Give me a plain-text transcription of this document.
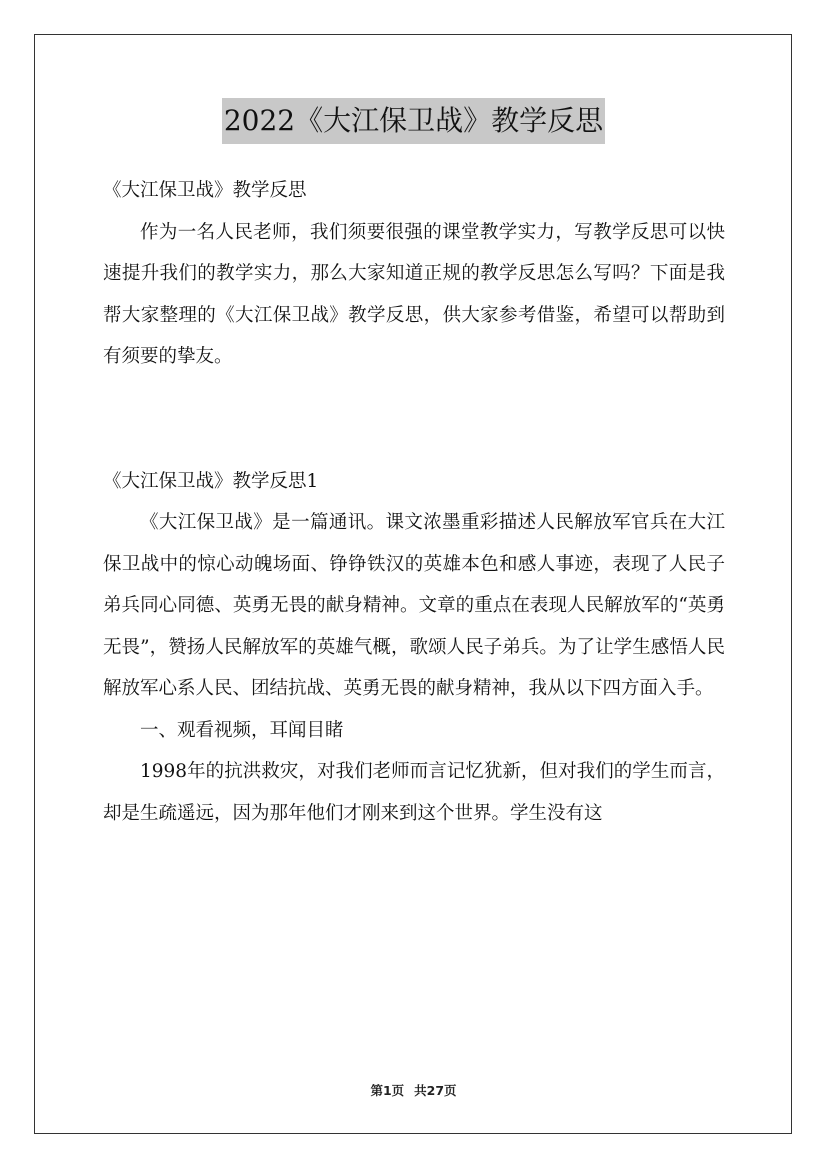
2022《大江保卫战》教学反思

《大江保卫战》教学反思

作为一名人民老师，我们须要很强的课堂教学实力，写教学反思可以快速提升我们的教学实力，那么大家知道正规的教学反思怎么写吗？下面是我帮大家整理的《大江保卫战》教学反思，供大家参考借鉴，希望可以帮助到有须要的挚友。

《大江保卫战》教学反思1

《大江保卫战》是一篇通讯。课文浓墨重彩描述人民解放军官兵在大江保卫战中的惊心动魄场面、铮铮铁汉的英雄本色和感人事迹，表现了人民子弟兵同心同德、英勇无畏的献身精神。文章的重点在表现人民解放军的“英勇无畏”，赞扬人民解放军的英雄气概，歌颂人民子弟兵。为了让学生感悟人民解放军心系人民、团结抗战、英勇无畏的献身精神，我从以下四方面入手。

一、观看视频，耳闻目睹

1998年的抗洪救灾，对我们老师而言记忆犹新，但对我们的学生而言，却是生疏遥远，因为那年他们才刚来到这个世界。学生没有这

第1页 共27页
